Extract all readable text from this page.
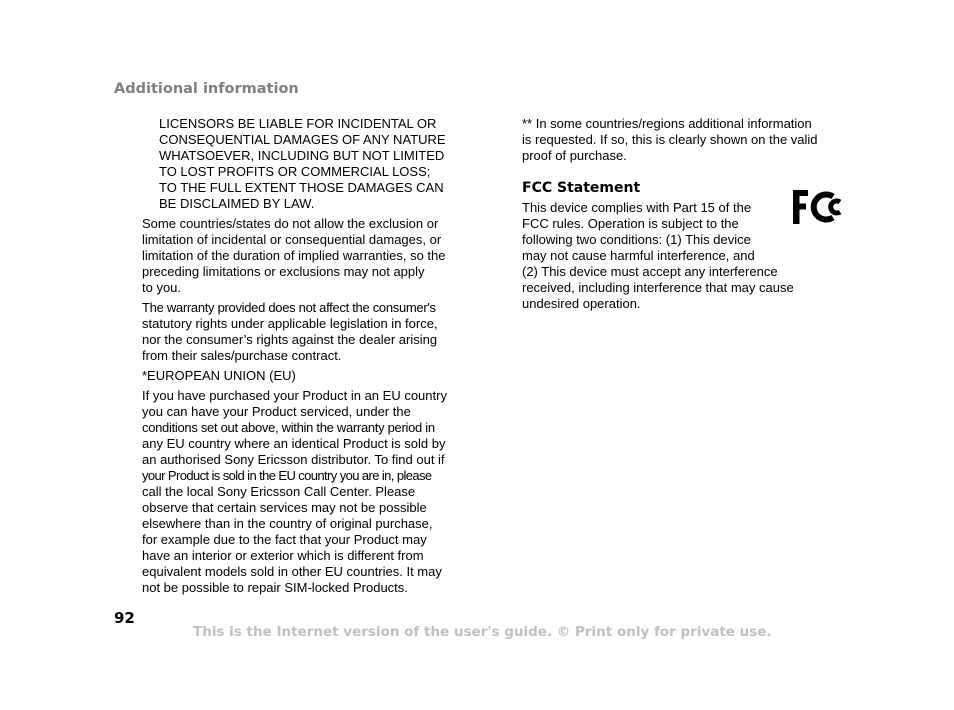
Additional information
LICENSORS BE LIABLE FOR INCIDENTAL OR
CONSEQUENTIAL DAMAGES OF ANY NATURE
WHATSOEVER, INCLUDING BUT NOT LIMITED
TO LOST PROFITS OR COMMERCIAL LOSS;
TO THE FULL EXTENT THOSE DAMAGES CAN
BE DISCLAIMED BY LAW.
Some countries/states do not allow the exclusion or
limitation of incidental or consequential damages, or
limitation of the duration of implied warranties, so the
preceding limitations or exclusions may not apply
to you.
The warranty provided does not affect the consumer's
statutory rights under applicable legislation in force,
nor the consumer’s rights against the dealer arising
from their sales/purchase contract.
*EUROPEAN UNION (EU)
If you have purchased your Product in an EU country
you can have your Product serviced, under the
conditions set out above, within the warranty period in
any EU country where an identical Product is sold by
an authorised Sony Ericsson distributor. To find out if
your Product is sold in the EU country you are in, please
call the local Sony Ericsson Call Center. Please
observe that certain services may not be possible
elsewhere than in the country of original purchase,
for example due to the fact that your Product may
have an interior or exterior which is different from
equivalent models sold in other EU countries. It may
not be possible to repair SIM-locked Products.
** In some countries/regions additional information
is requested. If so, this is clearly shown on the valid
proof of purchase.
FCC Statement
This device complies with Part 15 of the
FCC rules. Operation is subject to the
following two conditions: (1) This device
may not cause harmful interference, and
(2) This device must accept any interference
received, including interference that may cause
undesired operation.
92
This is the Internet version of the user's guide. © Print only for private use.
